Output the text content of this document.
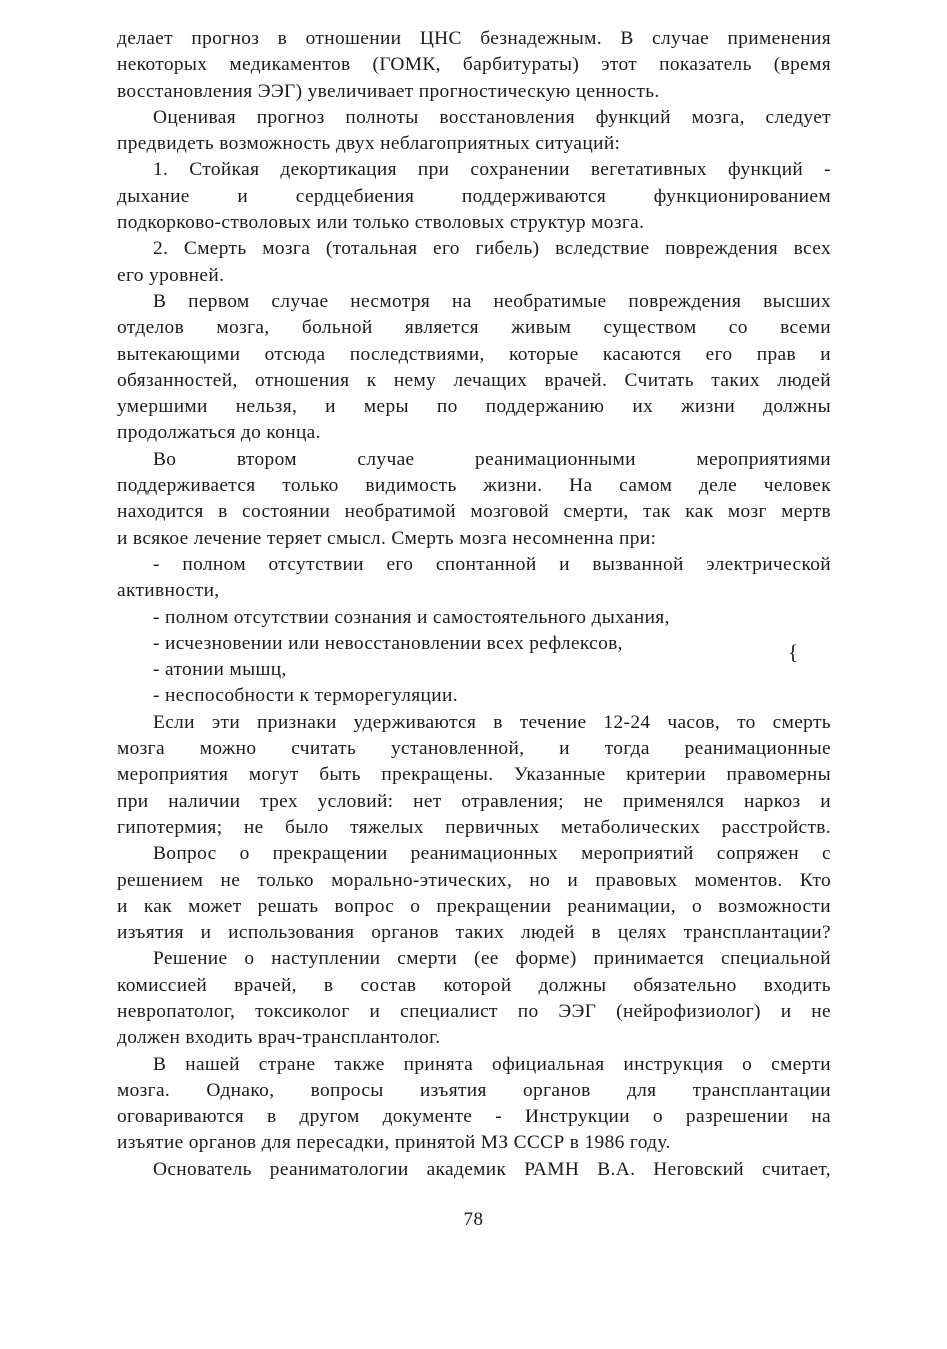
делает прогноз в отношении ЦНС безнадежным. В случае применения
некоторых медикаментов (ГОМК, барбитураты) этот показатель (время
восстановления ЭЭГ) увеличивает прогностическую ценность.
Оценивая прогноз полноты восстановления функций мозга, следует
предвидеть возможность двух неблагоприятных ситуаций:
1. Стойкая декортикация при сохранении вегетативных функций -
дыхание и сердцебиения поддерживаются функционированием
подкорково-стволовых или только стволовых структур мозга.
2. Смерть мозга (тотальная его гибель) вследствие повреждения всех
его уровней.
В первом случае несмотря на необратимые повреждения высших
отделов мозга, больной является живым существом со всеми
вытекающими отсюда последствиями, которые касаются его прав и
обязанностей, отношения к нему лечащих врачей. Считать таких людей
умершими нельзя, и меры по поддержанию их жизни должны
продолжаться до конца.
Во втором случае реанимационными мероприятиями
поддерживается только видимость жизни. На самом деле человек
находится в состоянии необратимой мозговой смерти, так как мозг мертв
и всякое лечение теряет смысл. Смерть мозга несомненна при:
- полном отсутствии его спонтанной и вызванной электрической
активности,
- полном отсутствии сознания и самостоятельного дыхания,
- исчезновении или невосстановлении всех рефлексов,
- атонии мышц,
- неспособности к терморегуляции.
Если эти признаки удерживаются в течение 12-24 часов, то смерть
мозга можно считать установленной, и тогда реанимационные
мероприятия могут быть прекращены. Указанные критерии правомерны
при наличии трех условий: нет отравления; не применялся наркоз и
гипотермия; не было тяжелых первичных метаболических расстройств.
Вопрос о прекращении реанимационных мероприятий сопряжен с
решением не только морально-этических, но и правовых моментов. Кто
и как может решать вопрос о прекращении реанимации, о возможности
изъятия и использования органов таких людей в целях трансплантации?
Решение о наступлении смерти (ее форме) принимается специальной
комиссией врачей, в состав которой должны обязательно входить
невропатолог, токсиколог и специалист по ЭЭГ (нейрофизиолог) и не
должен входить врач-трансплантолог.
В нашей стране также принята официальная инструкция о смерти
мозга. Однако, вопросы изъятия органов для трансплантации
оговариваются в другом документе - Инструкции о разрешении на
изъятие органов для пересадки, принятой МЗ СССР в 1986 году.
Основатель реаниматологии академик РАМН В.А. Неговский считает,
{
78
